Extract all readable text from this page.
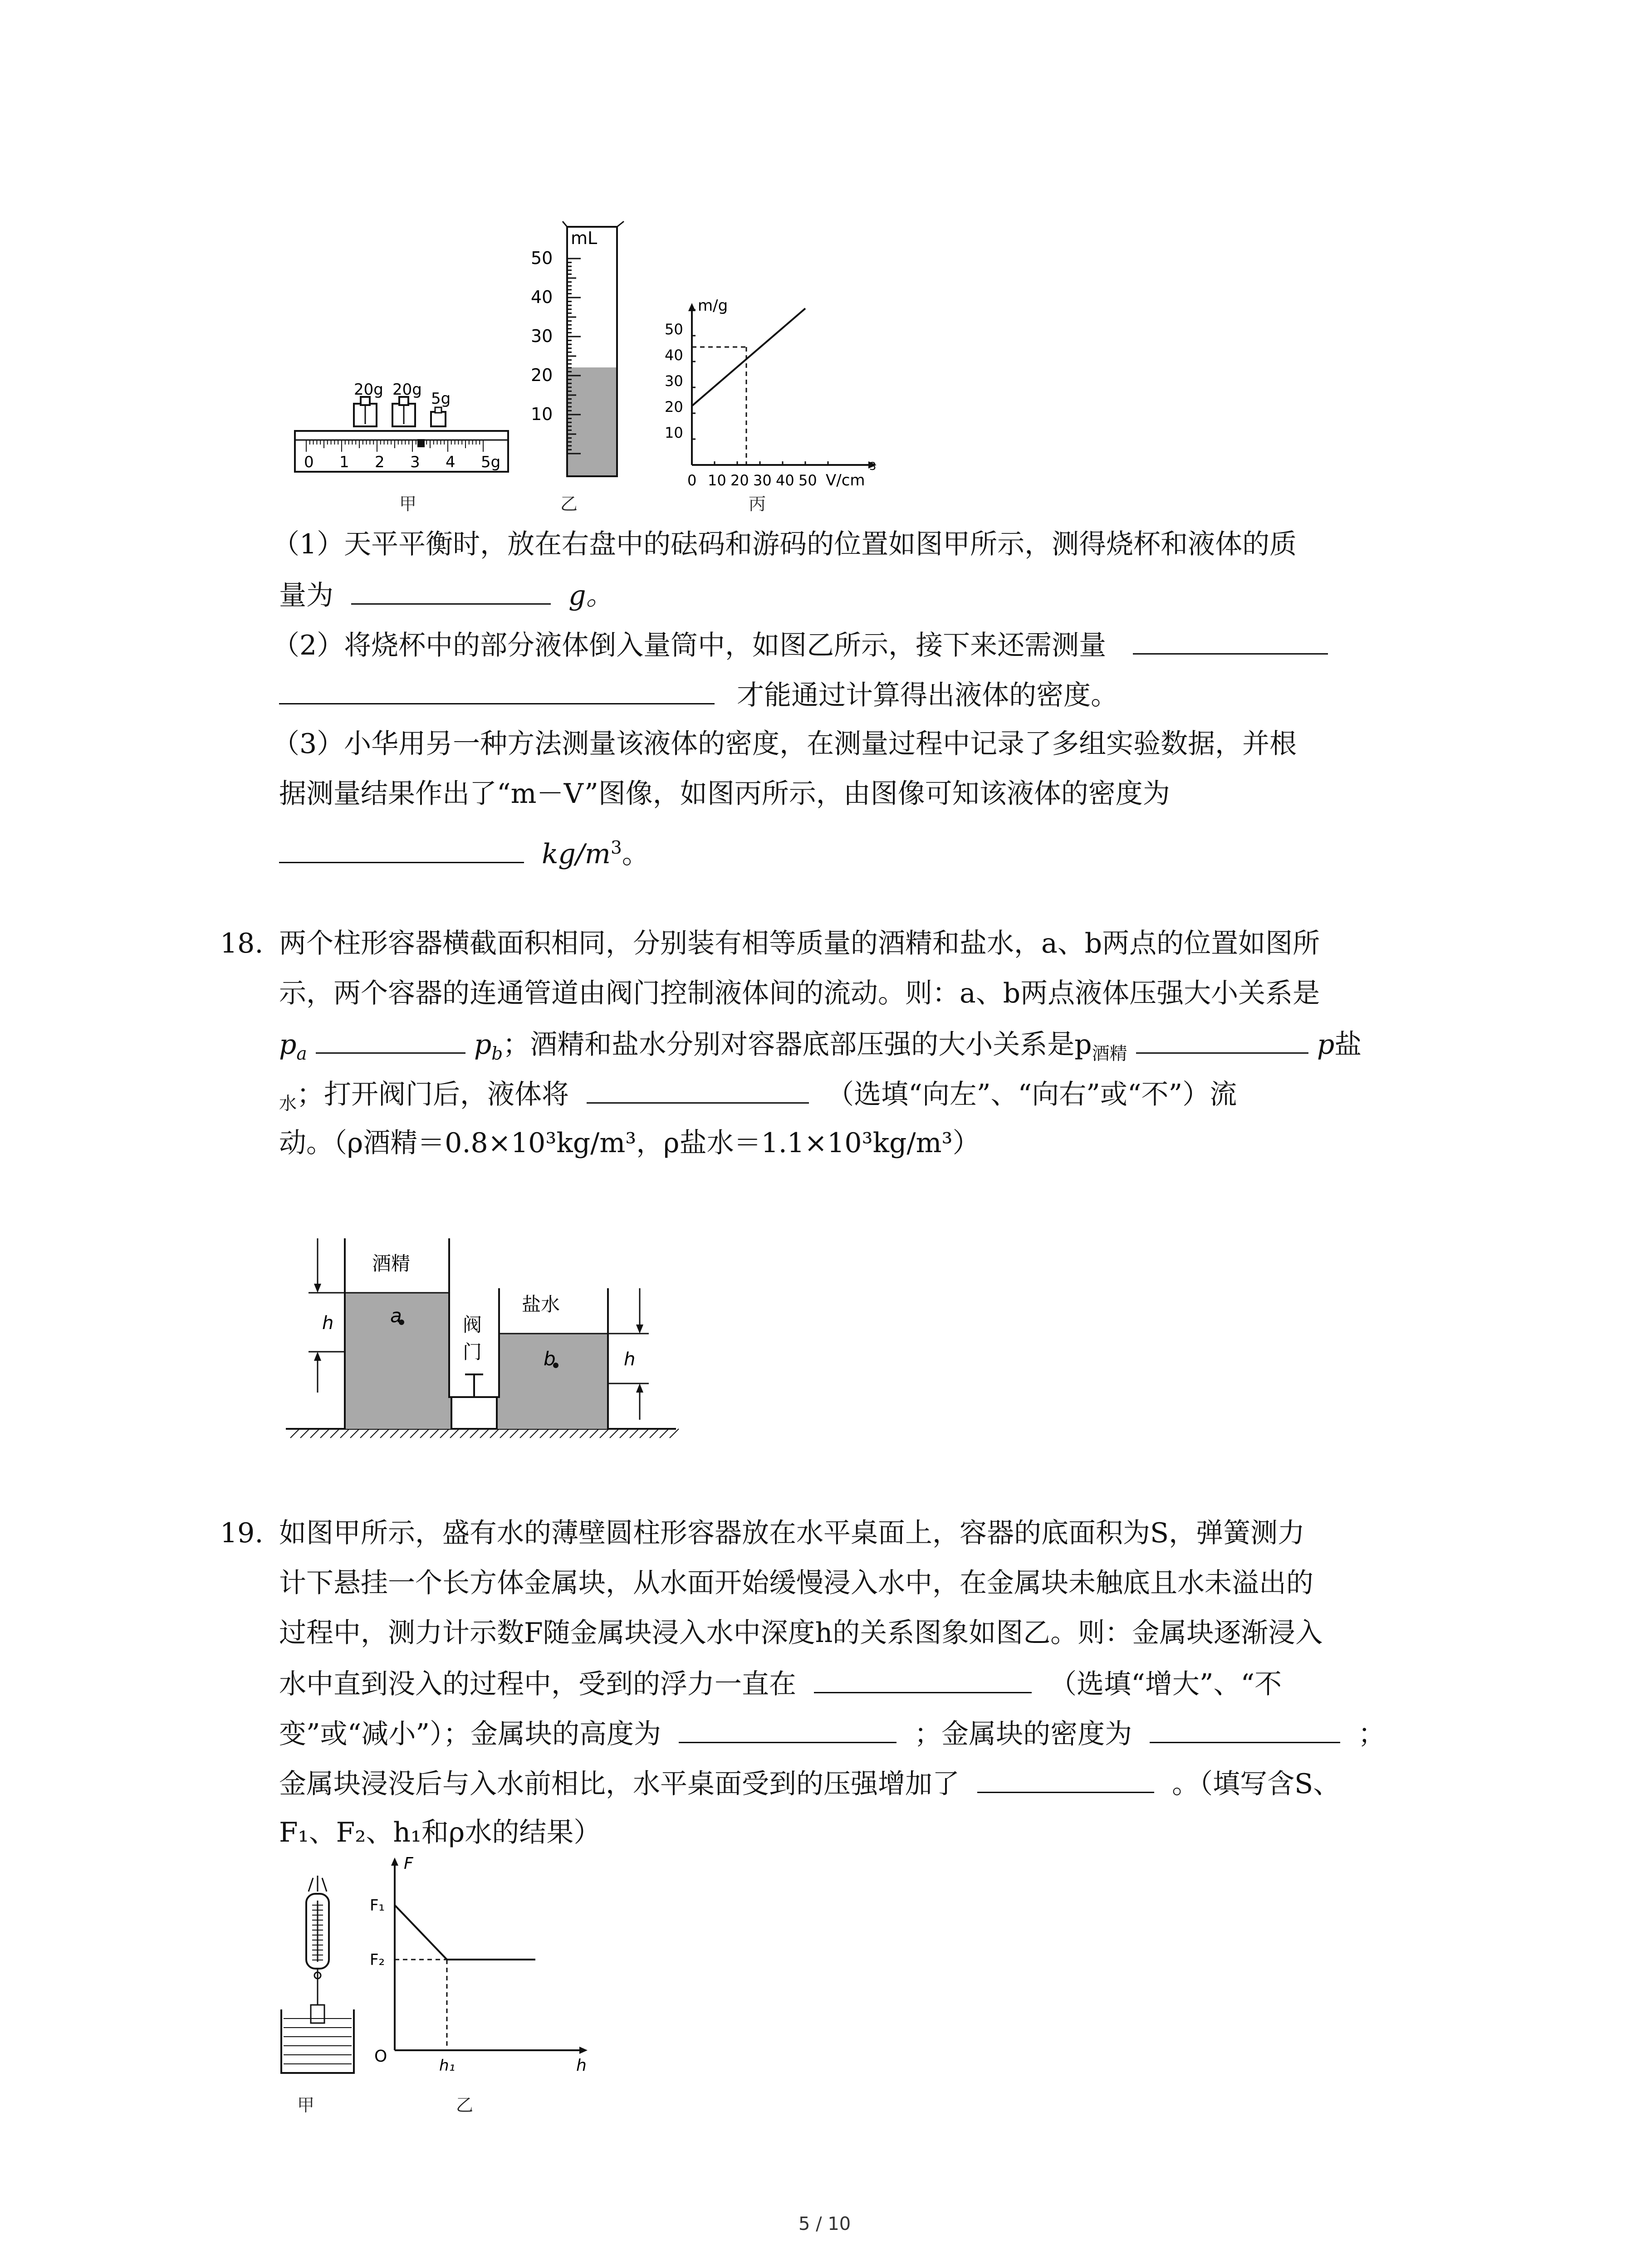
20g 20g 5g
0 1 2 3 4 5g
甲
mL
50
40
30
20
10
乙
m/g
50
40
30
20
10
0 10 20 30 40 50 V/cm
3
丙
（1）天平平衡时，放在右盘中的砝码和游码的位置如图甲所示，测得烧杯和液体的质
量为	g。
（2）将烧杯中的部分液体倒入量筒中，如图乙所示，接下来还需测量
才能通过计算得出液体的密度。
（3）小华用另一种方法测量该液体的密度，在测量过程中记录了多组实验数据，并根
据测量结果作出了“m－V”图像，如图丙所示，由图像可知该液体的密度为
$kg/m^3$。
18. 两个柱形容器横截面积相同，分别装有相等质量的酒精和盐水，a、b两点的位置如图所
示，两个容器的连通管道由阀门控制液体间的流动。则：a、b两点液体压强大小关系是
$p_a$	$p_b$；酒精和盐水分别对容器底部压强的大小关系是$p_{酒精}$	p盐
$_水$；打开阀门后，液体将	（选填“向左”、“向右”或“不”）流
动。（ρ酒精＝0.8×10³kg/m³，ρ盐水＝1.1×10³kg/m³）
酒精
a	阀
门
盐水
b
h
h
19. 如图甲所示，盛有水的薄壁圆柱形容器放在水平桌面上，容器的底面积为S，弹簧测力
计下悬挂一个长方体金属块，从水面开始缓慢浸入水中，在金属块未触底且水未溢出的
过程中，测力计示数F随金属块浸入水中深度h的关系图象如图乙。则：金属块逐渐浸入
水中直到没入的过程中，受到的浮力一直在	（选填“增大”、“不
变”或“减小”）；金属块的高度为	；金属块的密度为	；
金属块浸没后与入水前相比，水平桌面受到的压强增加了	。（填写含S、
F₁、F₂、h₁和ρ水的结果）
甲
F
F₁
F₂
O	h₁	h
乙
5 / 10
